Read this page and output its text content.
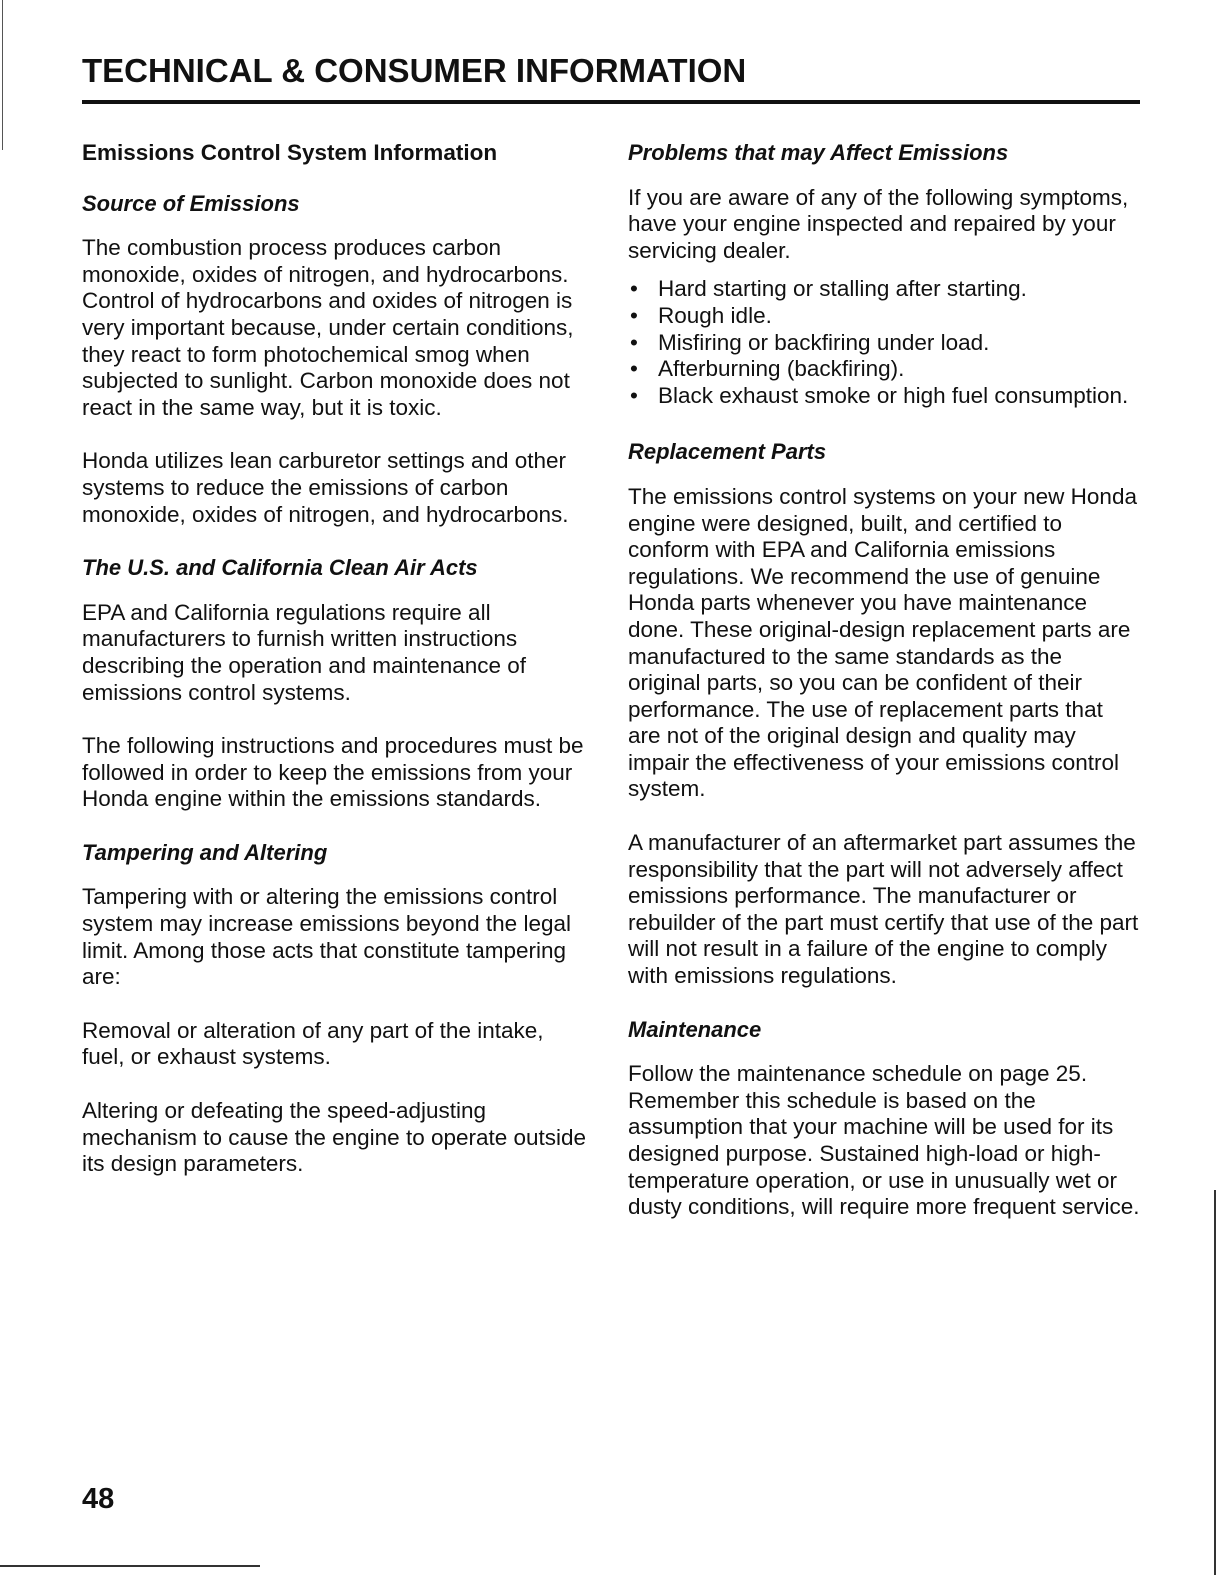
TECHNICAL & CONSUMER INFORMATION
Emissions Control System Information
Source of Emissions

The combustion process produces carbon monoxide, oxides of nitrogen, and hydrocarbons. Control of hydrocarbons and oxides of nitrogen is very important because, under certain conditions, they react to form photochemical smog when subjected to sunlight. Carbon monoxide does not react in the same way, but it is toxic.

Honda utilizes lean carburetor settings and other systems to reduce the emissions of carbon monoxide, oxides of nitrogen, and hydrocarbons.

The U.S. and California Clean Air Acts

EPA and California regulations require all manufacturers to furnish written instructions describing the operation and maintenance of emissions control systems.

The following instructions and procedures must be followed in order to keep the emissions from your Honda engine within the emissions standards.

Tampering and Altering

Tampering with or altering the emissions control system may increase emissions beyond the legal limit. Among those acts that constitute tampering are:

Removal or alteration of any part of the intake, fuel, or exhaust systems.

Altering or defeating the speed-adjusting mechanism to cause the engine to operate outside its design parameters.

Problems that may Affect Emissions

If you are aware of any of the following symptoms, have your engine inspected and repaired by your servicing dealer.

• Hard starting or stalling after starting.
• Rough idle.
• Misfiring or backfiring under load.
• Afterburning (backfiring).
• Black exhaust smoke or high fuel consumption.
Replacement Parts

The emissions control systems on your new Honda engine were designed, built, and certified to conform with EPA and California emissions regulations. We recommend the use of genuine Honda parts whenever you have maintenance done. These original-design replacement parts are manufactured to the same standards as the original parts, so you can be confident of their performance. The use of replacement parts that are not of the original design and quality may impair the effectiveness of your emissions control system.

A manufacturer of an aftermarket part assumes the responsibility that the part will not adversely affect emissions performance. The manufacturer or rebuilder of the part must certify that use of the part will not result in a failure of the engine to comply with emissions regulations.

Maintenance

Follow the maintenance schedule on page 25. Remember this schedule is based on the assumption that your machine will be used for its designed purpose. Sustained high-load or high-temperature operation, or use in unusually wet or dusty conditions, will require more frequent service.

48
